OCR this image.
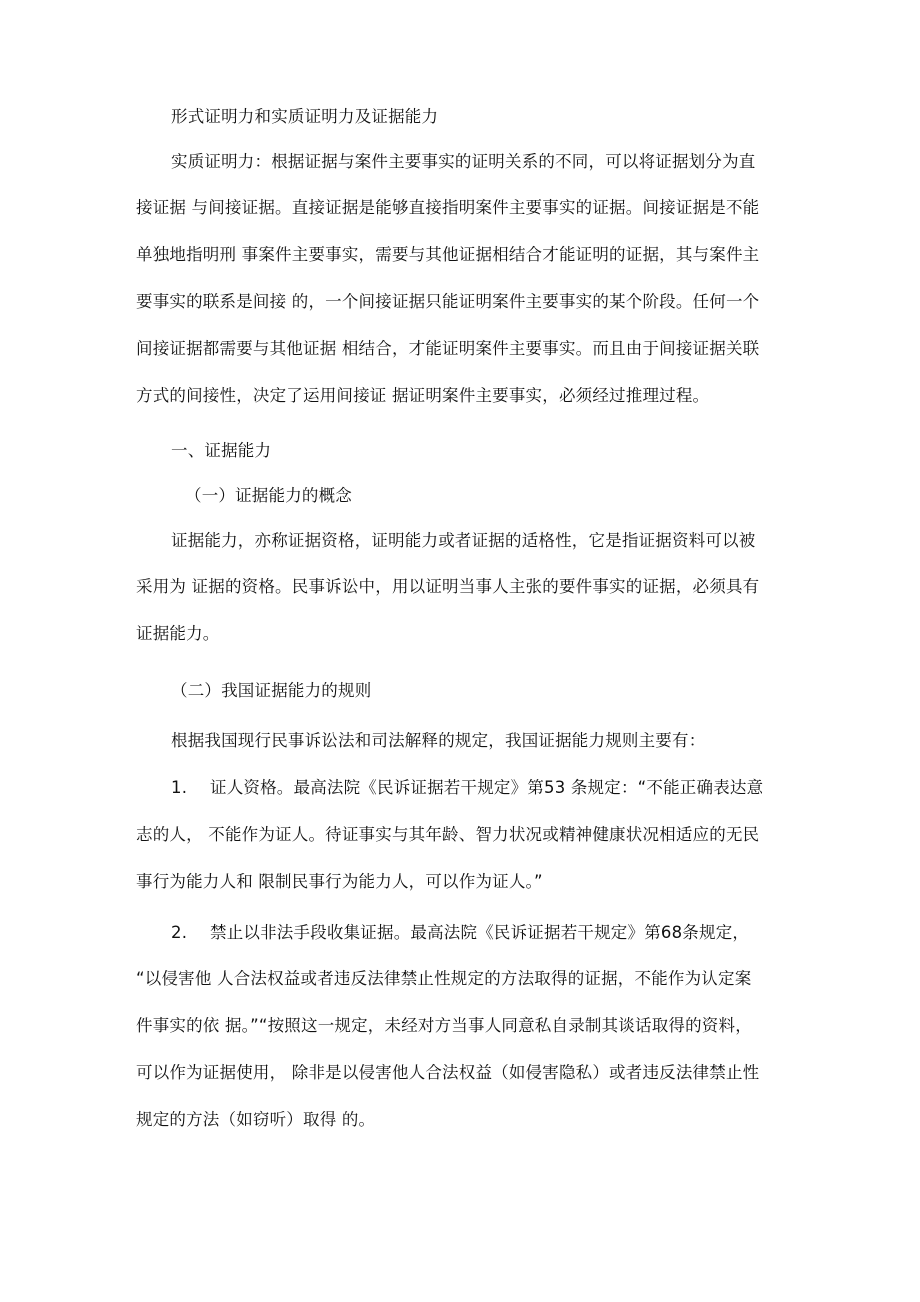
形式证明力和实质证明力及证据能力
实质证明力：根据证据与案件主要事实的证明关系的不同，可以将证据划分为直
接证据 与间接证据。直接证据是能够直接指明案件主要事实的证据。间接证据是不能
单独地指明刑 事案件主要事实，需要与其他证据相结合才能证明的证据，其与案件主
要事实的联系是间接 的，一个间接证据只能证明案件主要事实的某个阶段。任何一个
间接证据都需要与其他证据 相结合，才能证明案件主要事实。而且由于间接证据关联
方式的间接性，决定了运用间接证 据证明案件主要事实，必须经过推理过程。
一、证据能力
（一）证据能力的概念
证据能力，亦称证据资格，证明能力或者证据的适格性，它是指证据资料可以被
采用为 证据的资格。民事诉讼中，用以证明当事人主张的要件事实的证据，必须具有
证据能力。
（二）我国证据能力的规则
根据我国现行民事诉讼法和司法解释的规定，我国证据能力规则主要有：
1. 证人资格。最高法院《民诉证据若干规定》第53 条规定：“不能正确表达意
志的人， 不能作为证人。待证事实与其年龄、智力状况或精神健康状况相适应的无民
事行为能力人和 限制民事行为能力人，可以作为证人。”
2. 禁止以非法手段收集证据。最高法院《民诉证据若干规定》第68条规定，
“以侵害他 人合法权益或者违反法律禁止性规定的方法取得的证据，不能作为认定案
件事实的依 据。”“按照这一规定，未经对方当事人同意私自录制其谈话取得的资料，
可以作为证据使用， 除非是以侵害他人合法权益（如侵害隐私）或者违反法律禁止性
规定的方法（如窃听）取得 的。
